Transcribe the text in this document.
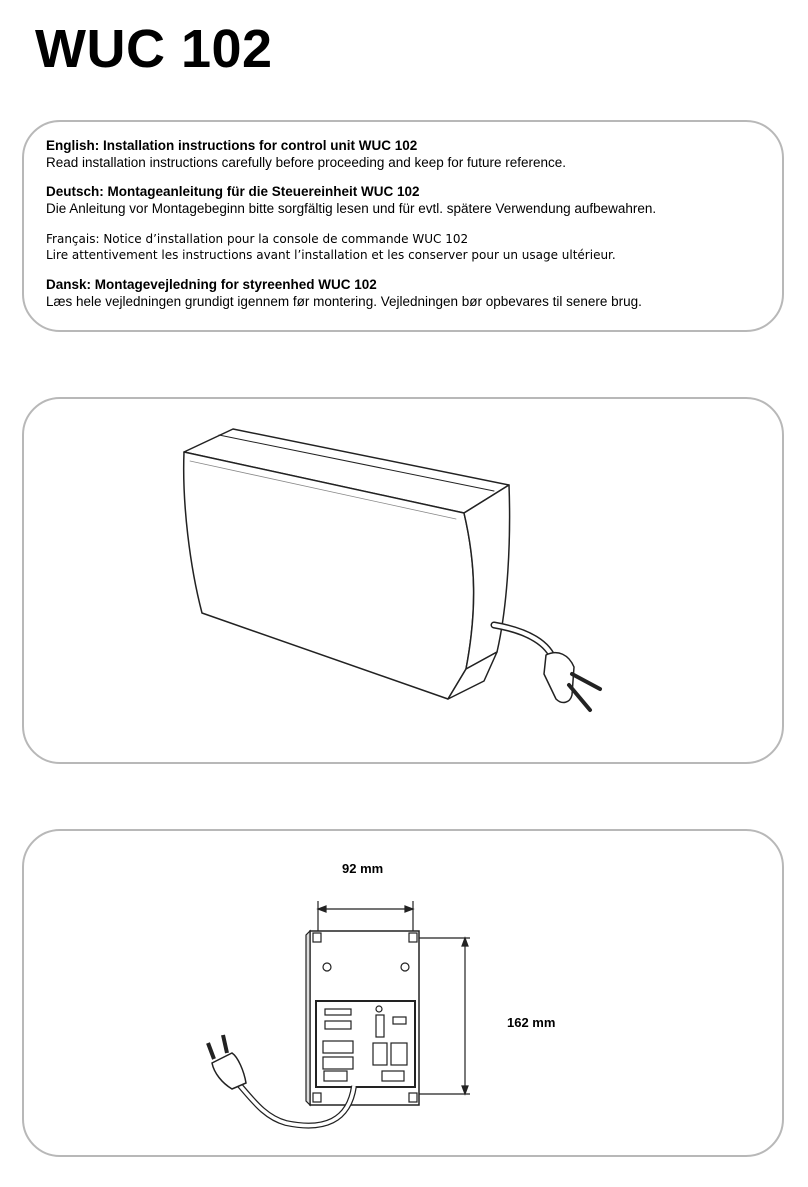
WUC 102
English: Installation instructions for control unit WUC 102
Read installation instructions carefully before proceeding and keep for future reference.
Deutsch: Montageanleitung für die Steuereinheit WUC 102
Die Anleitung vor Montagebeginn bitte sorgfältig lesen und für evtl. spätere Verwendung aufbewahren.
Français: Notice d’installation pour la console de commande WUC 102
Lire attentivement les instructions avant l’installation et les conserver pour un usage ultérieur.
Dansk: Montagevejledning for styreenhed WUC 102
Læs hele vejledningen grundigt igennem før montering. Vejledningen bør opbevares til senere brug.
92 mm
162 mm
